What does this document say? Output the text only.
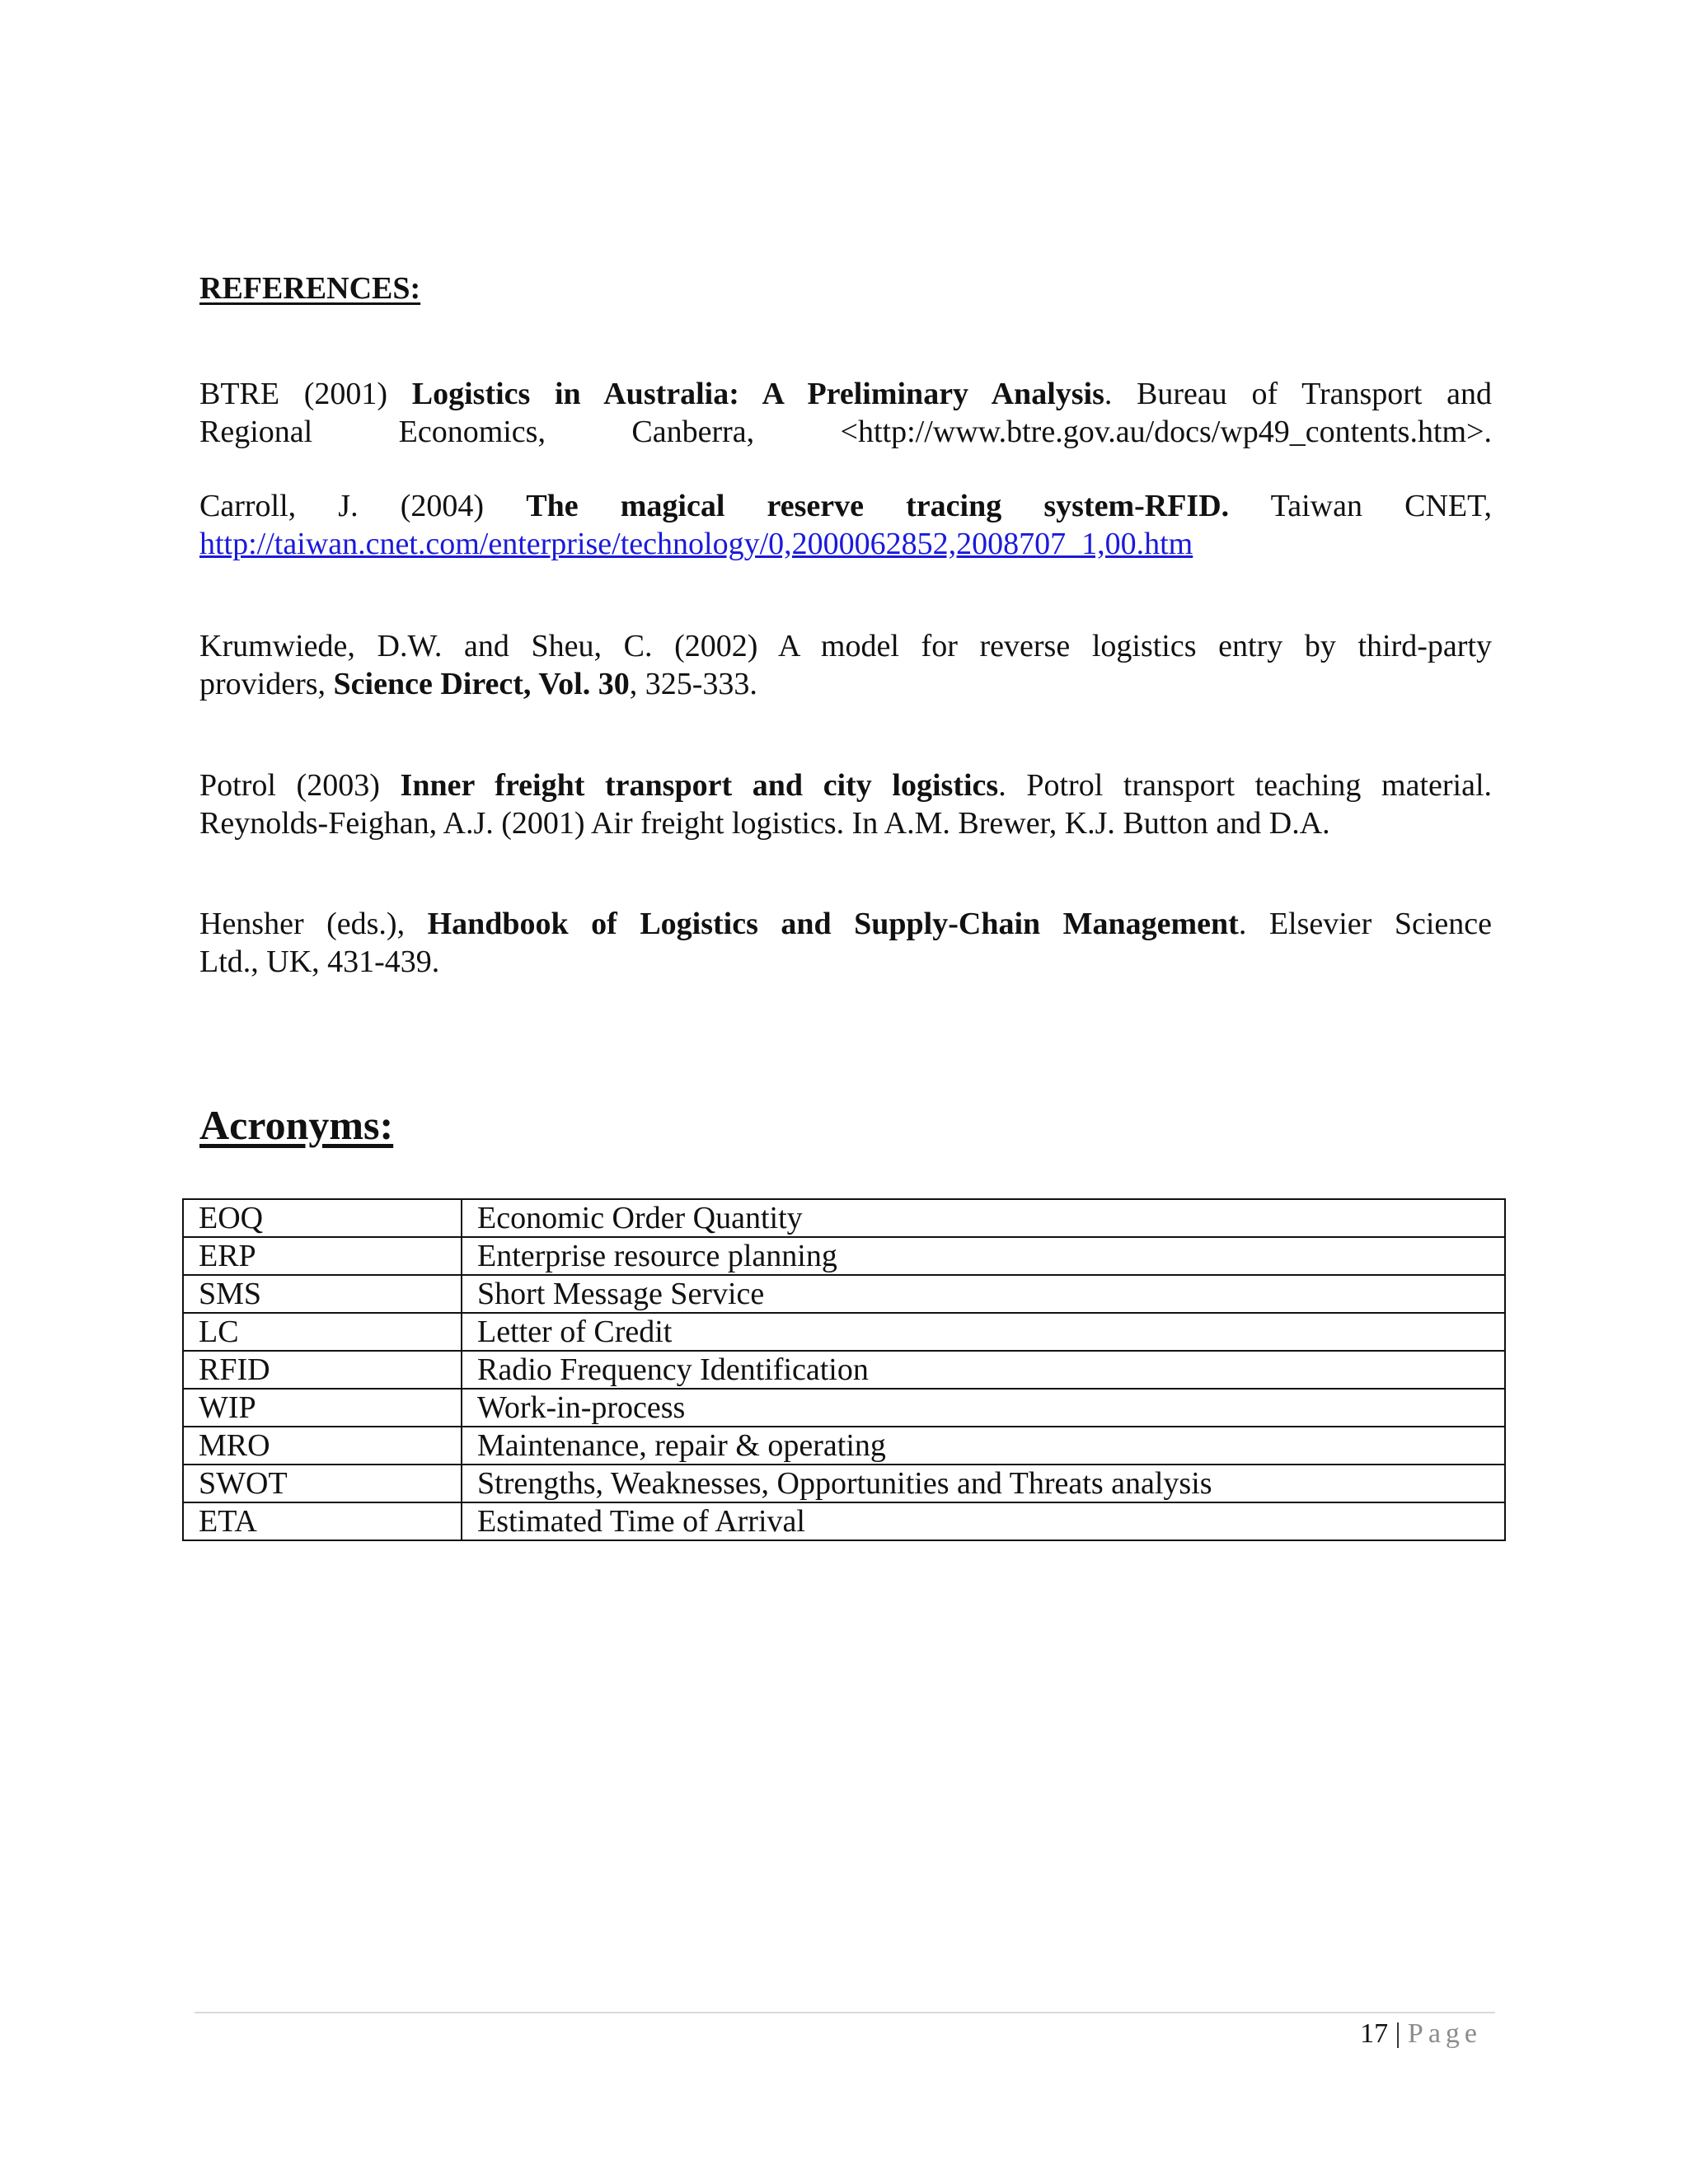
REFERENCES:
BTRE (2001) Logistics in Australia: A Preliminary Analysis. Bureau of Transport and
Regional Economics, Canberra, <http://www.btre.gov.au/docs/wp49_contents.htm>.
Carroll, J. (2004) The magical reserve tracing system-RFID. Taiwan CNET,
http://taiwan.cnet.com/enterprise/technology/0,2000062852,2008707_1,00.htm
Krumwiede, D.W. and Sheu, C. (2002) A model for reverse logistics entry by third-party
providers, Science Direct, Vol. 30, 325-333.
Potrol (2003) Inner freight transport and city logistics. Potrol transport teaching material.
Reynolds-Feighan, A.J. (2001) Air freight logistics. In A.M. Brewer, K.J. Button and D.A.
Hensher (eds.), Handbook of Logistics and Supply-Chain Management. Elsevier Science
Ltd., UK, 431-439.
Acronyms:
EOQ	Economic Order Quantity
ERP	Enterprise resource planning
SMS	Short Message Service
LC	Letter of Credit
RFID	Radio Frequency Identification
WIP	Work-in-process
MRO	Maintenance, repair & operating
SWOT	Strengths, Weaknesses, Opportunities and Threats analysis
ETA	Estimated Time of Arrival
17 | Page
